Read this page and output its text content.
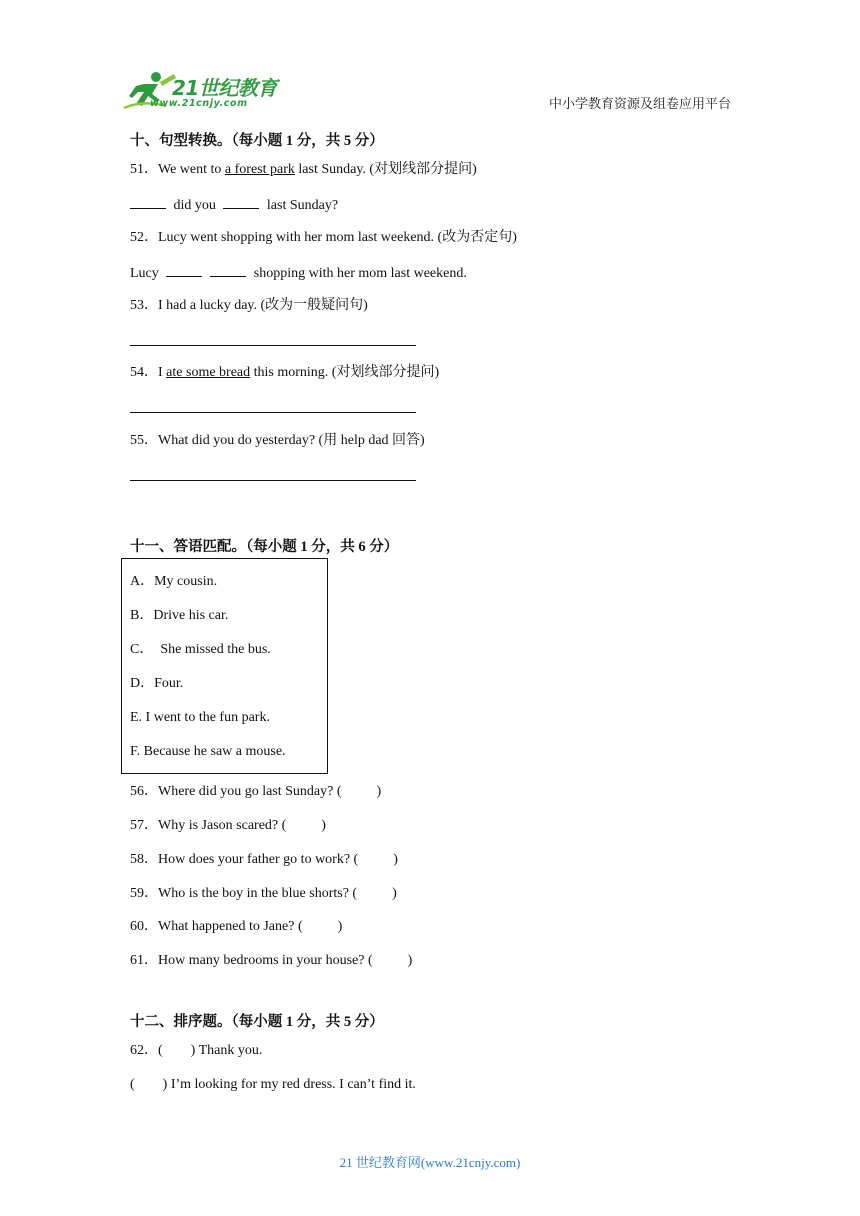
21世纪教育
www.21cnjy.com	中小学教育资源及组卷应用平台
十、句型转换。（每小题 1 分，共 5 分）
51．We went to a forest park last Sunday. (对划线部分提问)
did you	last Sunday?
52．Lucy went shopping with her mom last weekend. (改为否定句)
Lucy	shopping with her mom last weekend.
53．I had a lucky day. (改为一般疑问句)
54．I ate some bread this morning. (对划线部分提问)
55．What did you do yesterday? (用 help dad 回答)
十一、答语匹配。（每小题 1 分，共 6 分）
A．My cousin.
B．Drive his car.
C．  She missed the bus.
D．Four.
E. I went to the fun park.
F. Because he saw a mouse.
56．Where did you go last Sunday? (          )
57．Why is Jason scared? (          )
58．How does your father go to work? (          )
59．Who is the boy in the blue shorts? (          )
60．What happened to Jane? (          )
61．How many bedrooms in your house? (          )
十二、排序题。（每小题 1 分，共 5 分）
62．(        ) Thank you.
(        ) I’m looking for my red dress. I can’t find it.
21 世纪教育网(www.21cnjy.com)
